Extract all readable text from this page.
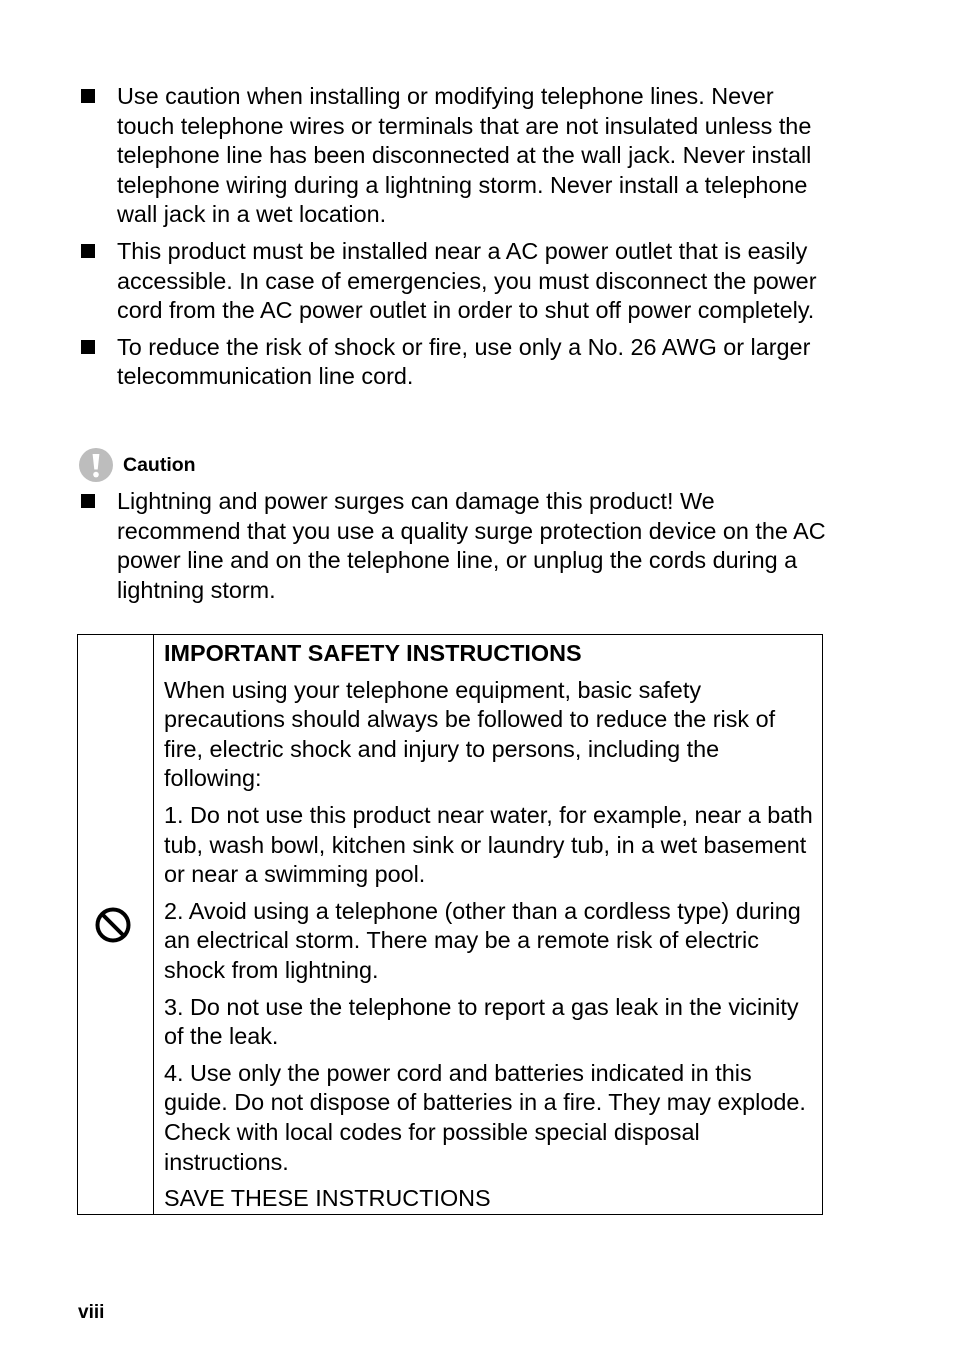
Use caution when installing or modifying telephone lines. Never touch telephone wires or terminals that are not insulated unless the telephone line has been disconnected at the wall jack. Never install telephone wiring during a lightning storm. Never install a telephone wall jack in a wet location.
This product must be installed near a AC power outlet that is easily accessible. In case of emergencies, you must disconnect the power cord from the AC power outlet in order to shut off power completely.
To reduce the risk of shock or fire, use only a No. 26 AWG or larger telecommunication line cord.
Caution
Lightning and power surges can damage this product! We recommend that you use a quality surge protection device on the AC power line and on the telephone line, or unplug the cords during a lightning storm.

IMPORTANT SAFETY INSTRUCTIONS

When using your telephone equipment, basic safety precautions should always be followed to reduce the risk of fire, electric shock and injury to persons, including the following:

1. Do not use this product near water, for example, near a bath tub, wash bowl, kitchen sink or laundry tub, in a wet basement or near a swimming pool.

2. Avoid using a telephone (other than a cordless type) during an electrical storm. There may be a remote risk of electric shock from lightning.

3. Do not use the telephone to report a gas leak in the vicinity of the leak.

4. Use only the power cord and batteries indicated in this guide. Do not dispose of batteries in a fire. They may explode. Check with local codes for possible special disposal instructions.

SAVE THESE INSTRUCTIONS

viii
